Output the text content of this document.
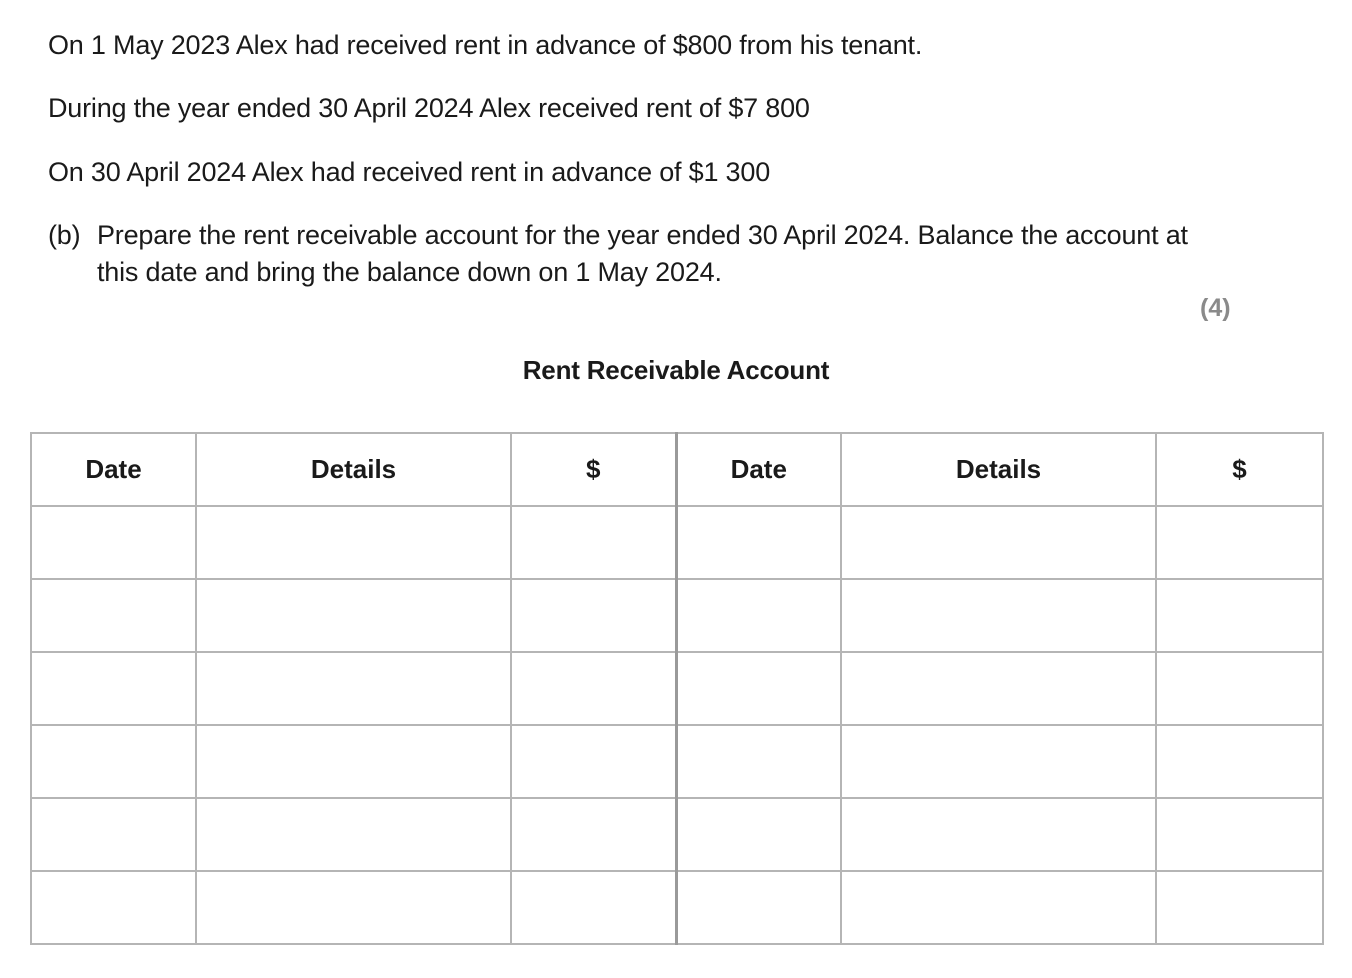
On 1 May 2023 Alex had received rent in advance of $800 from his tenant.

During the year ended 30 April 2024 Alex received rent of $7 800

On 30 April 2024 Alex had received rent in advance of $1 300

(b) Prepare the rent receivable account for the year ended 30 April 2024. Balance the account at this date and bring the balance down on 1 May 2024.
(4)
Rent Receivable Account
Date	Details	$	Date	Details	$
